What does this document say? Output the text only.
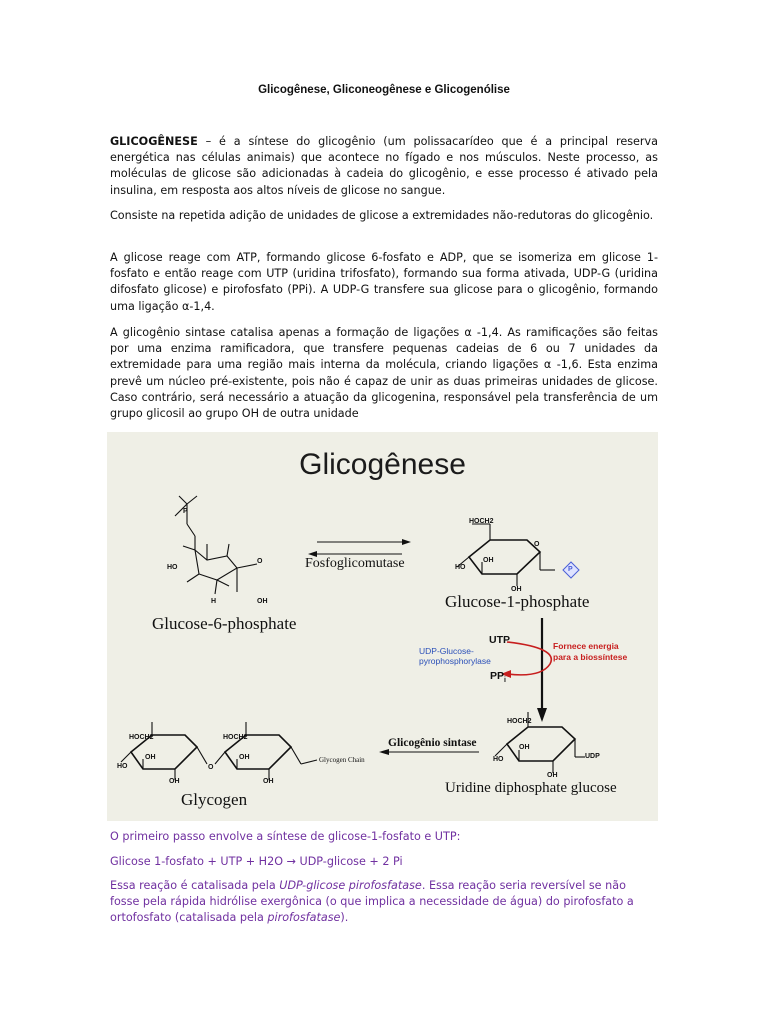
Glicogênese, Gliconeogênese e Glicogenólise

GLICOGÊNESE – é a síntese do glicogênio (um polissacarídeo que é a principal reserva energética nas células animais) que acontece no fígado e nos músculos. Neste processo, as moléculas de glicose são adicionadas à cadeia do glicogênio, e esse processo é ativado pela insulina, em resposta aos altos níveis de glicose no sangue.

Consiste na repetida adição de unidades de glicose a extremidades não-redutoras do glicogênio.

A glicose reage com ATP, formando glicose 6-fosfato e ADP, que se isomeriza em glicose 1-fosfato e então reage com UTP (uridina trifosfato), formando sua forma ativada, UDP-G (uridina difosfato glicose) e pirofosfato (PPi). A UDP-G transfere sua glicose para o glicogênio, formando uma ligação α-1,4.

A glicogênio sintase catalisa apenas a formação de ligações α -1,4. As ramificações são feitas por uma enzima ramificadora, que transfere pequenas cadeias de 6 ou 7 unidades da extremidade para uma região mais interna da molécula, criando ligações α -1,6. Esta enzima prevê um núcleo pré-existente, pois não é capaz de unir as duas primeiras unidades de glicose. Caso contrário, será necessário a atuação da glicogenina, responsável pela transferência de um grupo glicosil ao grupo OH de outra unidade

Glicogênese
Glucose-6-phosphate
Glucose-1-phosphate
Glycogen
Uridine diphosphate glucose
Fosfoglicomutase
Glicogênio sintase
Glycogen Chain
UDP-Glucose-
pyrophosphorylase
UTP
$PP_i$
Fornece energia
para a biossíntese
HO
O
P
OH
H
HOCH2
HO
OH
OH
O
P
HOCH2
HO
OH
OH
UDP
HOCH2
HO
OH
OH
HOCH2
OH
OH
O

O primeiro passo envolve a síntese de glicose-1-fosfato e UTP:

Glicose 1-fosfato + UTP + H2O → UDP-glicose + 2 Pi

Essa reação é catalisada pela UDP-glicose pirofosfatase. Essa reação seria reversível se não fosse pela rápida hidrólise exergônica (o que implica a necessidade de água) do pirofosfato a ortofosfato (catalisada pela pirofosfatase).
